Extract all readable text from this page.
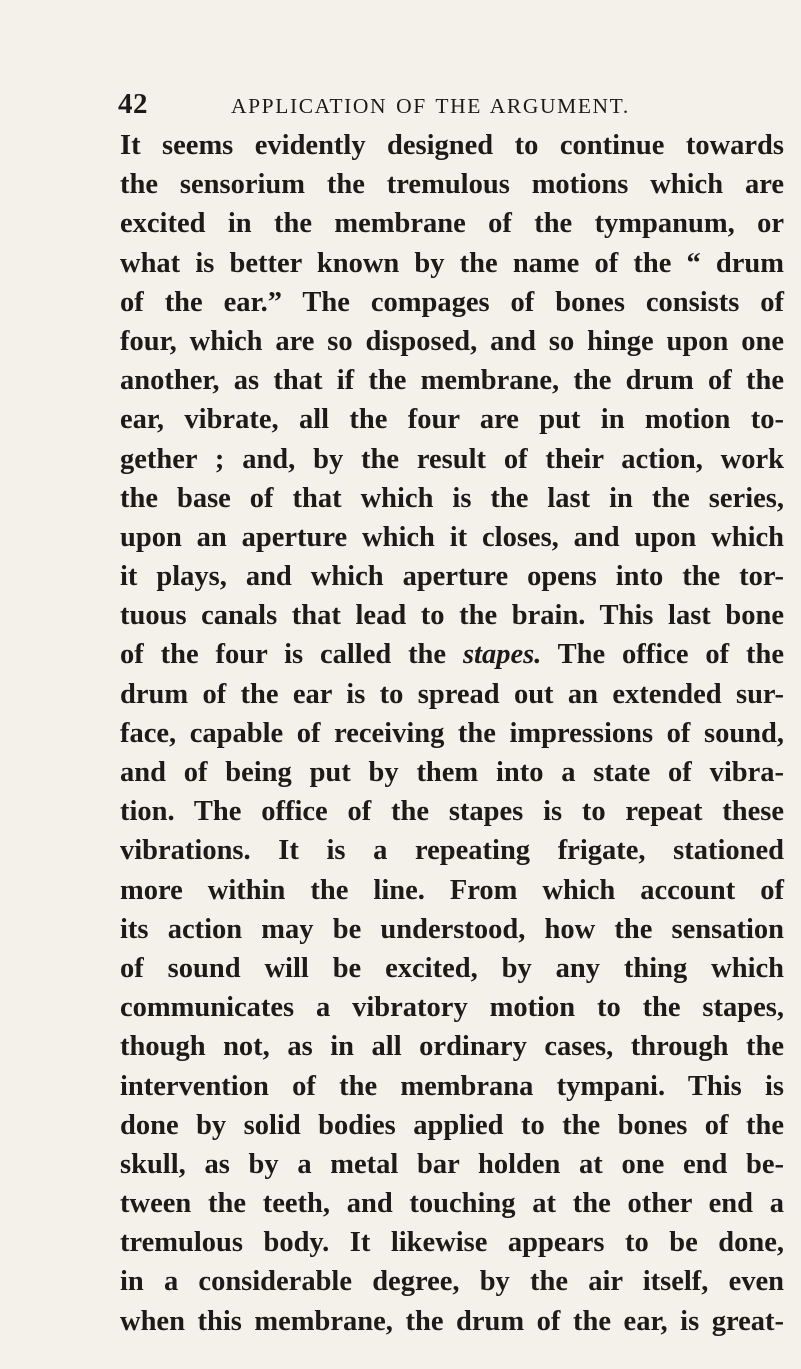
42	APPLICATION OF THE ARGUMENT.
It seems evidently designed to continue towards
the sensorium the tremulous motions which are
excited in the membrane of the tympanum, or
what is better known by the name of the “ drum
of the ear.” The compages of bones consists of
four, which are so disposed, and so hinge upon one
another, as that if the membrane, the drum of the
ear, vibrate, all the four are put in motion to-
gether ; and, by the result of their action, work
the base of that which is the last in the series,
upon an aperture which it closes, and upon which
it plays, and which aperture opens into the tor-
tuous canals that lead to the brain. This last bone
of the four is called the stapes. The office of the
drum of the ear is to spread out an extended sur-
face, capable of receiving the impressions of sound,
and of being put by them into a state of vibra-
tion. The office of the stapes is to repeat these
vibrations. It is a repeating frigate, stationed
more within the line. From which account of
its action may be understood, how the sensation
of sound will be excited, by any thing which
communicates a vibratory motion to the stapes,
though not, as in all ordinary cases, through the
intervention of the membrana tympani. This is
done by solid bodies applied to the bones of the
skull, as by a metal bar holden at one end be-
tween the teeth, and touching at the other end a
tremulous body. It likewise appears to be done,
in a considerable degree, by the air itself, even
when this membrane, the drum of the ear, is great-
